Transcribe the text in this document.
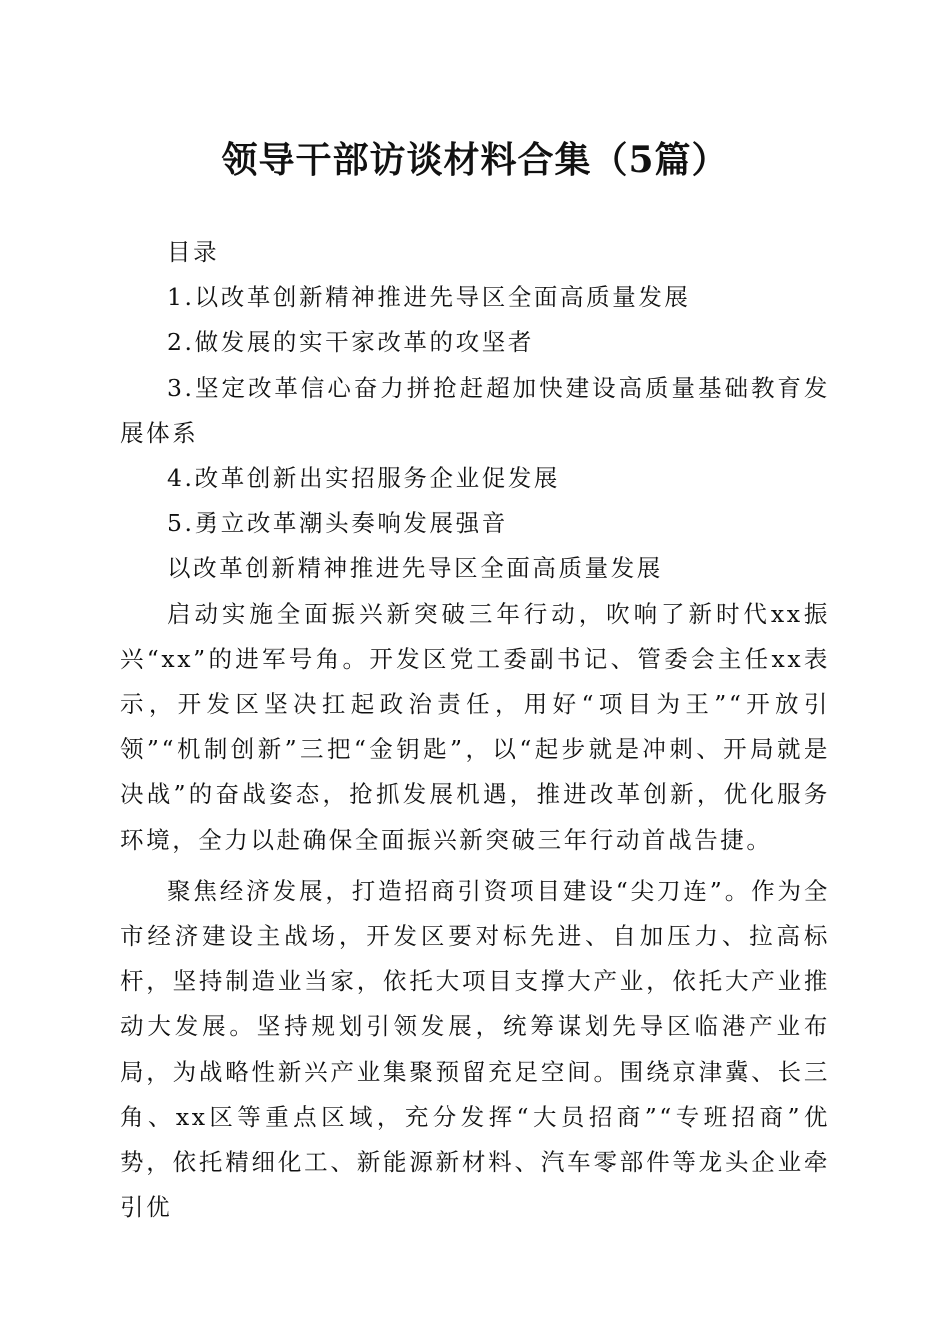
领导干部访谈材料合集（5篇）

目录

1.以改革创新精神推进先导区全面高质量发展

2.做发展的实干家改革的攻坚者

3.坚定改革信心奋力拼抢赶超加快建设高质量基础教育发展体系

4.改革创新出实招服务企业促发展

5.勇立改革潮头奏响发展强音

以改革创新精神推进先导区全面高质量发展

启动实施全面振兴新突破三年行动，吹响了新时代xx振兴“xx”的进军号角。开发区党工委副书记、管委会主任xx表示，开发区坚决扛起政治责任，用好“项目为王”“开放引领”“机制创新”三把“金钥匙”，以“起步就是冲刺、开局就是决战”的奋战姿态，抢抓发展机遇，推进改革创新，优化服务环境，全力以赴确保全面振兴新突破三年行动首战告捷。

聚焦经济发展，打造招商引资项目建设“尖刀连”。作为全市经济建设主战场，开发区要对标先进、自加压力、拉高标杆，坚持制造业当家，依托大项目支撑大产业，依托大产业推动大发展。坚持规划引领发展，统筹谋划先导区临港产业布局，为战略性新兴产业集聚预留充足空间。围绕京津冀、长三角、xx区等重点区域，充分发挥“大员招商”“专班招商”优势，依托精细化工、新能源新材料、汽车零部件等龙头企业牵引优
